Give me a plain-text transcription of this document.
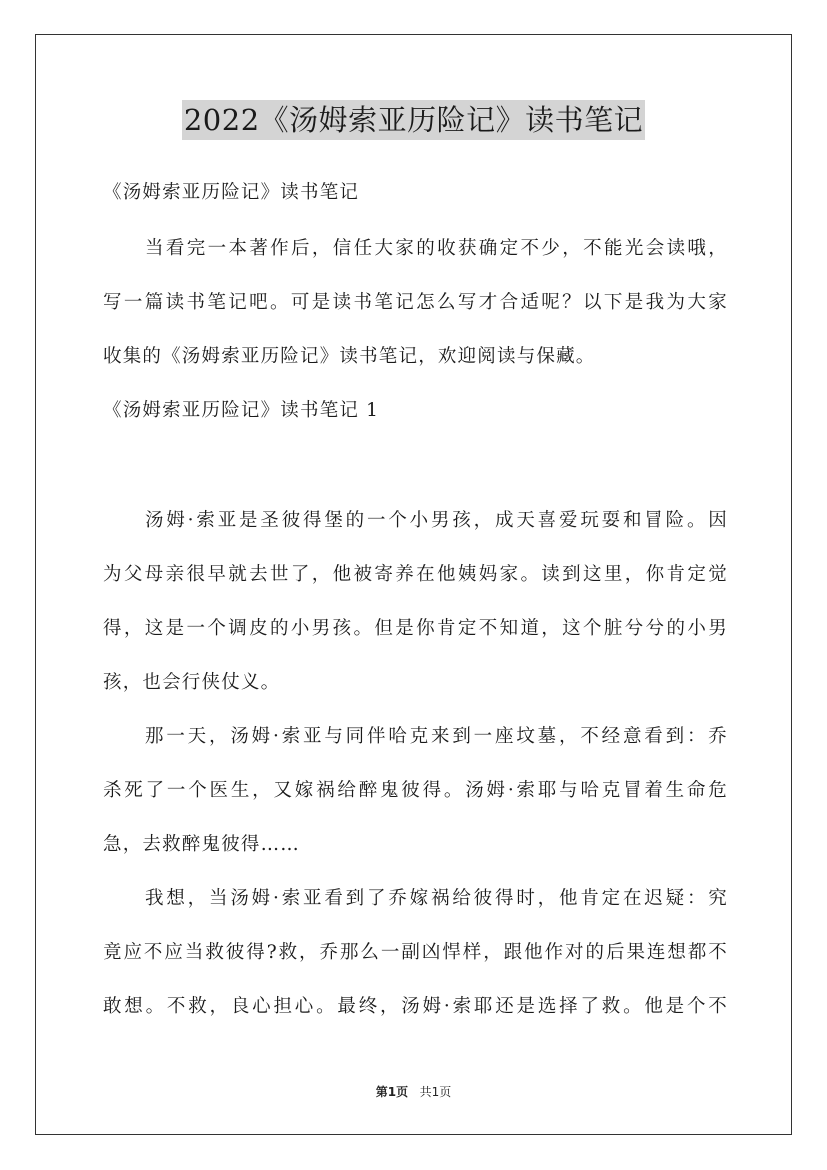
2022《汤姆索亚历险记》读书笔记
《汤姆索亚历险记》读书笔记
当看完一本著作后，信任大家的收获确定不少，不能光会读哦，
写一篇读书笔记吧。可是读书笔记怎么写才合适呢？以下是我为大家
收集的《汤姆索亚历险记》读书笔记，欢迎阅读与保藏。
《汤姆索亚历险记》读书笔记 1
汤姆·索亚是圣彼得堡的一个小男孩，成天喜爱玩耍和冒险。因
为父母亲很早就去世了，他被寄养在他姨妈家。读到这里，你肯定觉
得，这是一个调皮的小男孩。但是你肯定不知道，这个脏兮兮的小男
孩，也会行侠仗义。
那一天，汤姆·索亚与同伴哈克来到一座坟墓，不经意看到：乔
杀死了一个医生，又嫁祸给醉鬼彼得。汤姆·索耶与哈克冒着生命危
急，去救醉鬼彼得……
我想，当汤姆·索亚看到了乔嫁祸给彼得时，他肯定在迟疑：究
竟应不应当救彼得?救，乔那么一副凶悍样，跟他作对的后果连想都不
敢想。不救，良心担心。最终，汤姆·索耶还是选择了救。他是个不
第1页 共1页
